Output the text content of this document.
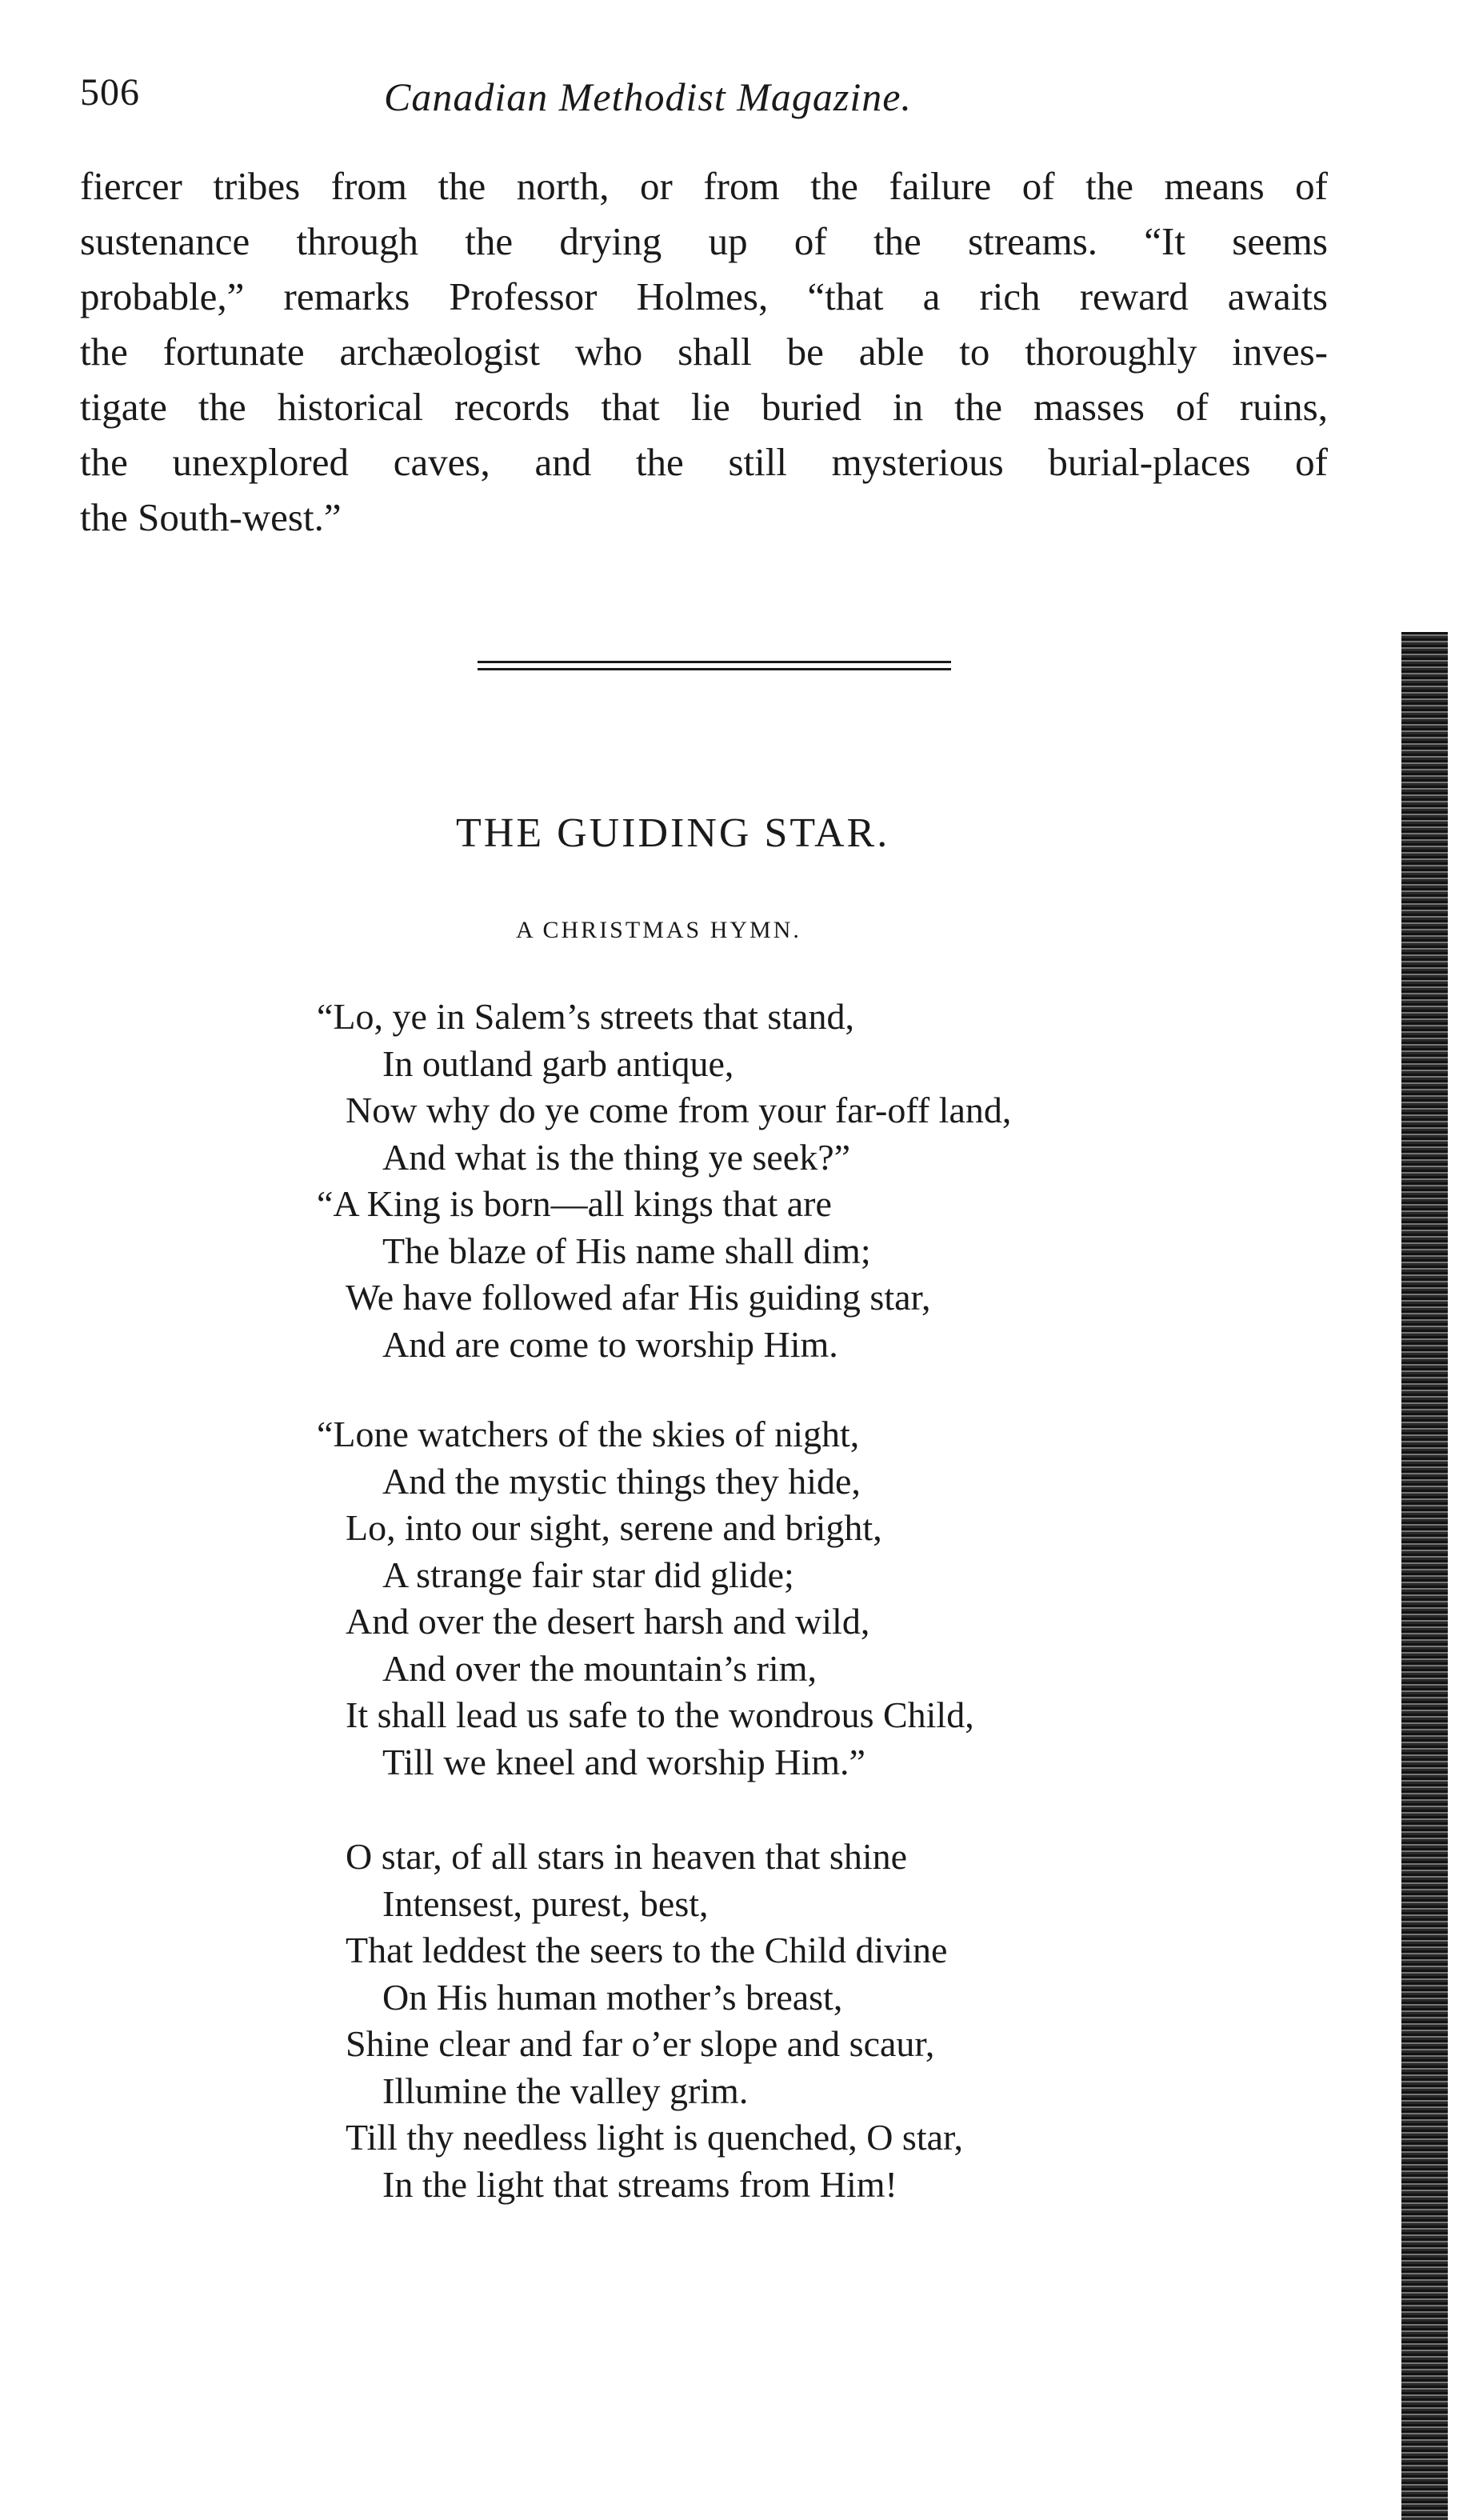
506	Canadian Methodist Magazine.
fiercer tribes from the north, or from the failure of the means of
sustenance through the drying up of the streams. “It seems
probable,” remarks Professor Holmes, “that a rich reward awaits
the fortunate archæologist who shall be able to thoroughly inves-
tigate the historical records that lie buried in the masses of ruins,
the unexplored caves, and the still mysterious burial-places of
the South-west.”
THE GUIDING STAR.
A CHRISTMAS HYMN.
“Lo, ye in Salem’s streets that stand,
In outland garb antique,
Now why do ye come from your far-off land,
And what is the thing ye seek?”
“A King is born—all kings that are
The blaze of His name shall dim;
We have followed afar His guiding star,
And are come to worship Him.
“Lone watchers of the skies of night,
And the mystic things they hide,
Lo, into our sight, serene and bright,
A strange fair star did glide;
And over the desert harsh and wild,
And over the mountain’s rim,
It shall lead us safe to the wondrous Child,
Till we kneel and worship Him.”
O star, of all stars in heaven that shine
Intensest, purest, best,
That leddest the seers to the Child divine
On His human mother’s breast,
Shine clear and far o’er slope and scaur,
Illumine the valley grim.
Till thy needless light is quenched, O star,
In the light that streams from Him!
